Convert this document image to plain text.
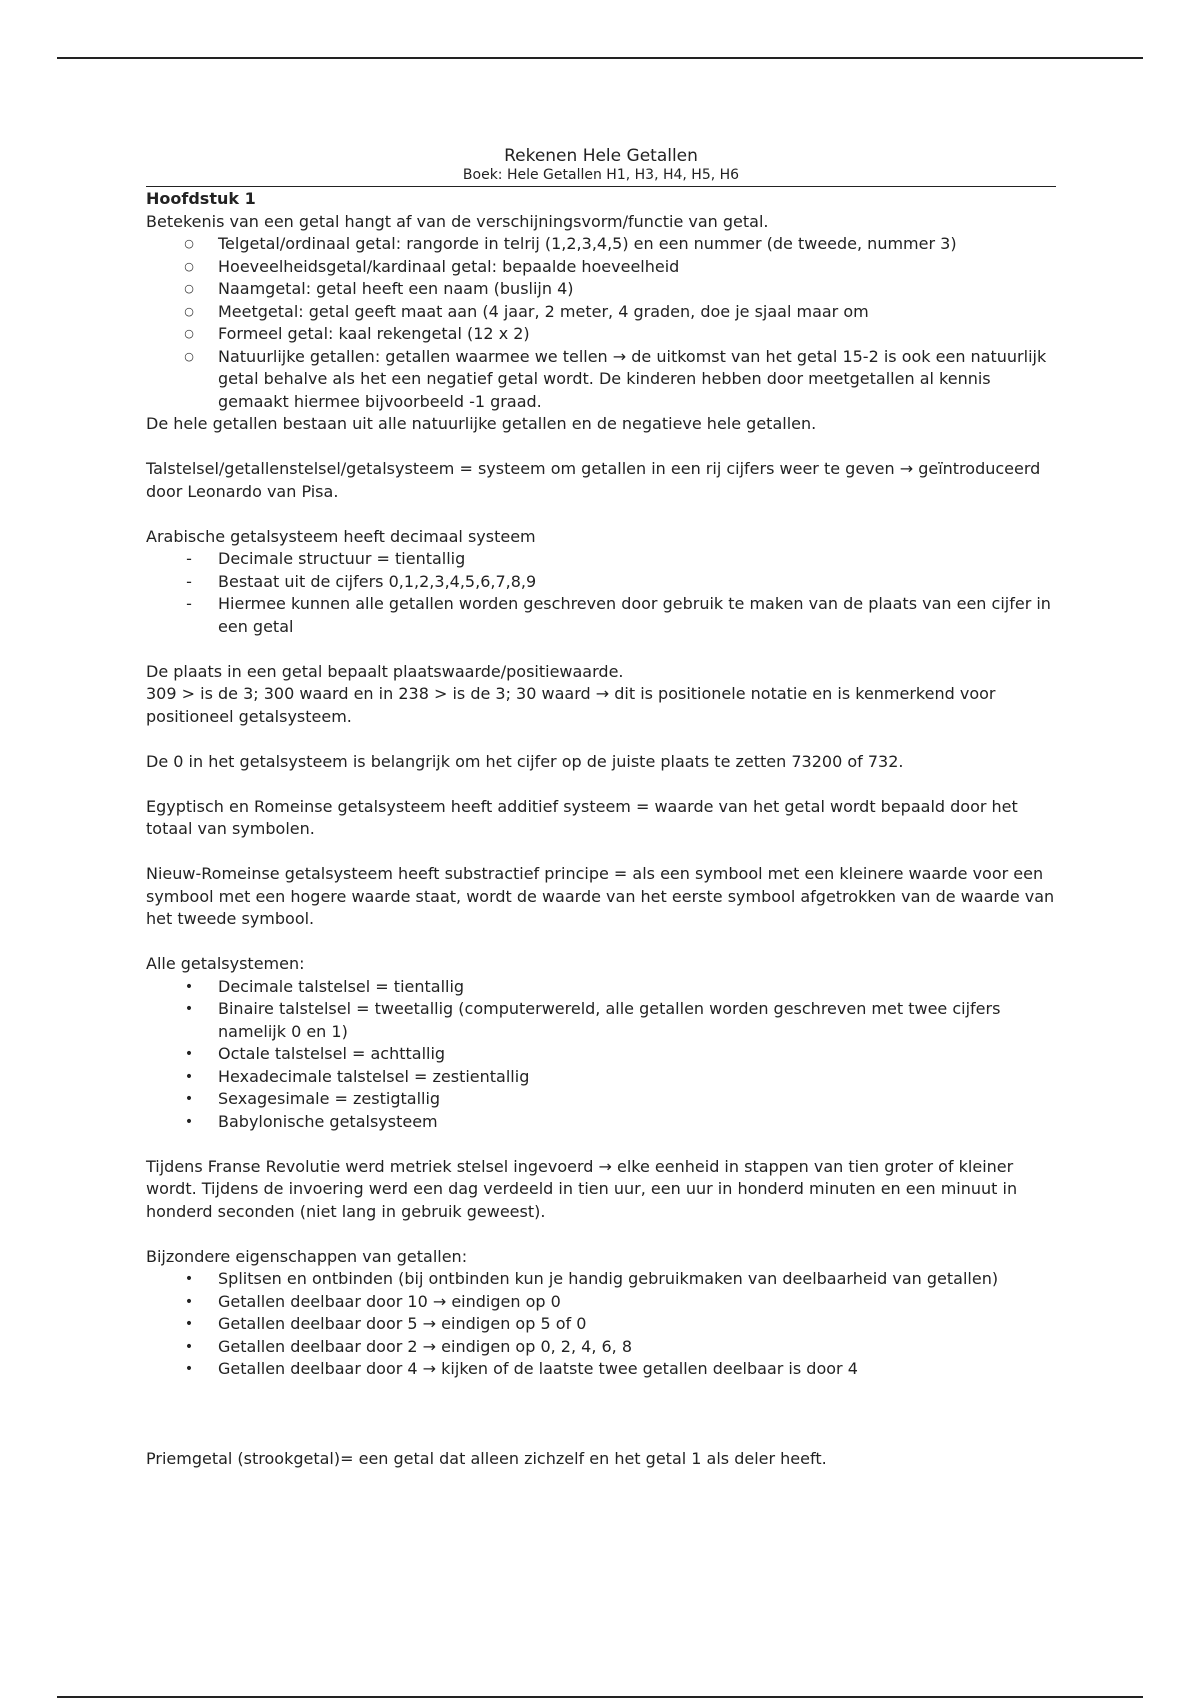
Rekenen Hele Getallen
Boek: Hele Getallen H1, H3, H4, H5, H6
Hoofdstuk 1

Betekenis van een getal hangt af van de verschijningsvorm/functie van getal.

○ Telgetal/ordinaal getal: rangorde in telrij (1,2,3,4,5) en een nummer (de tweede, nummer 3)
○ Hoeveelheidsgetal/kardinaal getal: bepaalde hoeveelheid
○ Naamgetal: getal heeft een naam (buslijn 4)
○ Meetgetal: getal geeft maat aan (4 jaar, 2 meter, 4 graden, doe je sjaal maar om
○ Formeel getal: kaal rekengetal (12 x 2)
○ Natuurlijke getallen: getallen waarmee we tellen → de uitkomst van het getal 15-2 is ook een natuurlijk getal behalve als het een negatief getal wordt. De kinderen hebben door meetgetallen al kennis gemaakt hiermee bijvoorbeeld -1 graad.

De hele getallen bestaan uit alle natuurlijke getallen en de negatieve hele getallen.

Talstelsel/getallenstelsel/getalsysteem = systeem om getallen in een rij cijfers weer te geven → geïntroduceerd door Leonardo van Pisa.

Arabische getalsysteem heeft decimaal systeem

- Decimale structuur = tientallig
- Bestaat uit de cijfers 0,1,2,3,4,5,6,7,8,9
- Hiermee kunnen alle getallen worden geschreven door gebruik te maken van de plaats van een cijfer in een getal

De plaats in een getal bepaalt plaatswaarde/positiewaarde.

309 > is de 3; 300 waard en in 238 > is de 3; 30 waard → dit is positionele notatie en is kenmerkend voor positioneel getalsysteem.

De 0 in het getalsysteem is belangrijk om het cijfer op de juiste plaats te zetten 73200 of 732.

Egyptisch en Romeinse getalsysteem heeft additief systeem = waarde van het getal wordt bepaald door het totaal van symbolen.

Nieuw-Romeinse getalsysteem heeft substractief principe = als een symbool met een kleinere waarde voor een symbool met een hogere waarde staat, wordt de waarde van het eerste symbool afgetrokken van de waarde van het tweede symbool.

Alle getalsystemen:

• Decimale talstelsel = tientallig
• Binaire talstelsel = tweetallig (computerwereld, alle getallen worden geschreven met twee cijfers namelijk 0 en 1)
• Octale talstelsel = achttallig
• Hexadecimale talstelsel = zestientallig
• Sexagesimale = zestigtallig
• Babylonische getalsysteem

Tijdens Franse Revolutie werd metriek stelsel ingevoerd → elke eenheid in stappen van tien groter of kleiner wordt. Tijdens de invoering werd een dag verdeeld in tien uur, een uur in honderd minuten en een minuut in honderd seconden (niet lang in gebruik geweest).

Bijzondere eigenschappen van getallen:

• Splitsen en ontbinden (bij ontbinden kun je handig gebruikmaken van deelbaarheid van getallen)
• Getallen deelbaar door 10 → eindigen op 0
• Getallen deelbaar door 5 → eindigen op 5 of 0
• Getallen deelbaar door 2 → eindigen op 0, 2, 4, 6, 8
• Getallen deelbaar door 4 → kijken of de laatste twee getallen deelbaar is door 4

Priemgetal (strookgetal)= een getal dat alleen zichzelf en het getal 1 als deler heeft.
